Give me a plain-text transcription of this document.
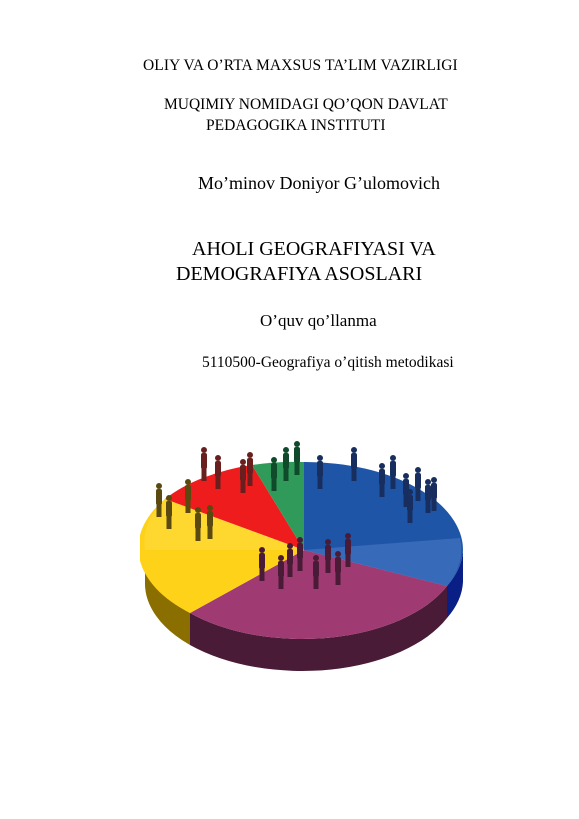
OLIY VA O’RTA MAXSUS TA’LIM VAZIRLIGI
MUQIMIY NOMIDAGI QO’QON DAVLAT
PEDAGOGIKA INSTITUTI
Mo’minov Doniyor G’ulomovich
AHOLI GEOGRAFIYASI VA
DEMOGRAFIYA ASOSLARI
O’quv qo’llanma
5110500-Geografiya o’qitish metodikasi
